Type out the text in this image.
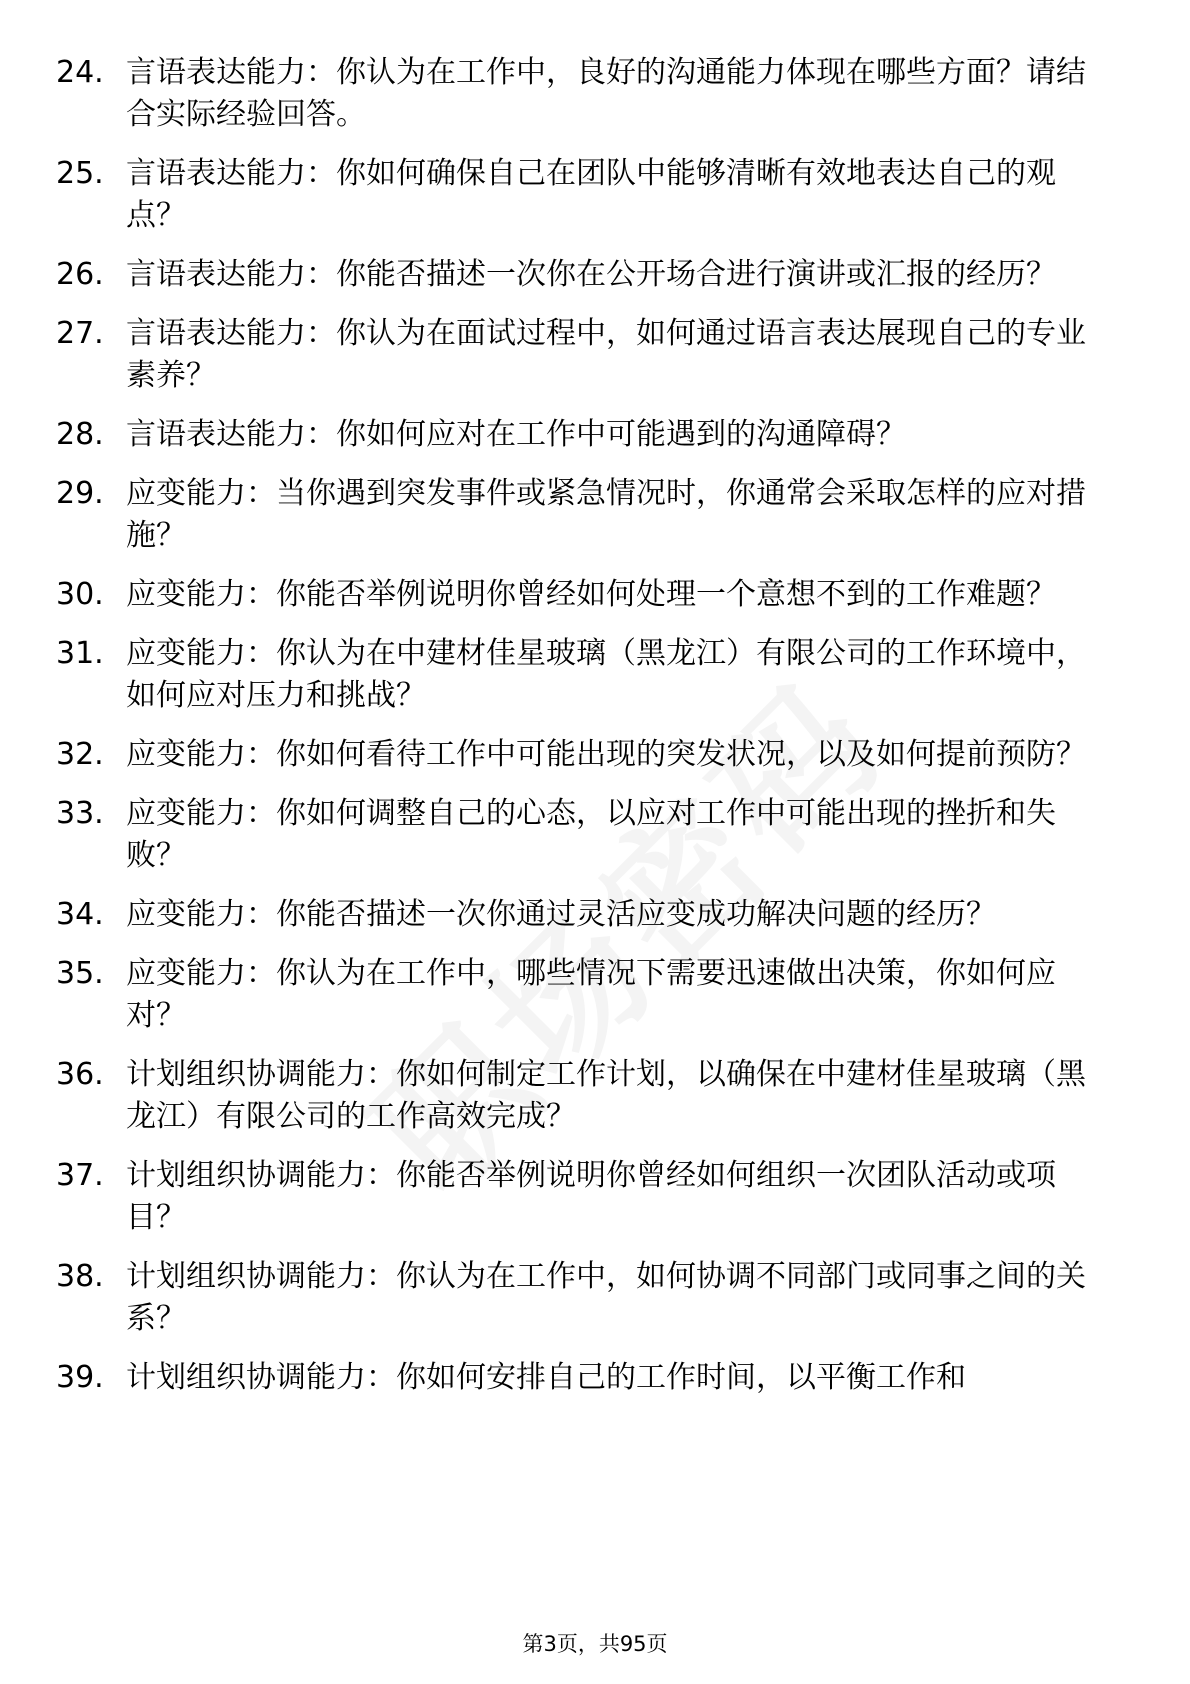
24. 言语表达能力：你认为在工作中，良好的沟通能力体现在哪些方面？请结合实际经验回答。
25. 言语表达能力：你如何确保自己在团队中能够清晰有效地表达自己的观点？
26. 言语表达能力：你能否描述一次你在公开场合进行演讲或汇报的经历？
27. 言语表达能力：你认为在面试过程中，如何通过语言表达展现自己的专业素养？
28. 言语表达能力：你如何应对在工作中可能遇到的沟通障碍？
29. 应变能力：当你遇到突发事件或紧急情况时，你通常会采取怎样的应对措施？
30. 应变能力：你能否举例说明你曾经如何处理一个意想不到的工作难题？
31. 应变能力：你认为在中建材佳星玻璃（黑龙江）有限公司的工作环境中，如何应对压力和挑战？
32. 应变能力：你如何看待工作中可能出现的突发状况，以及如何提前预防？
33. 应变能力：你如何调整自己的心态，以应对工作中可能出现的挫折和失败？
34. 应变能力：你能否描述一次你通过灵活应变成功解决问题的经历？
35. 应变能力：你认为在工作中，哪些情况下需要迅速做出决策，你如何应对？
36. 计划组织协调能力：你如何制定工作计划，以确保在中建材佳星玻璃（黑龙江）有限公司的工作高效完成？
37. 计划组织协调能力：你能否举例说明你曾经如何组织一次团队活动或项目？
38. 计划组织协调能力：你认为在工作中，如何协调不同部门或同事之间的关系？
39. 计划组织协调能力：你如何安排自己的工作时间，以平衡工作和
第3页，共95页
